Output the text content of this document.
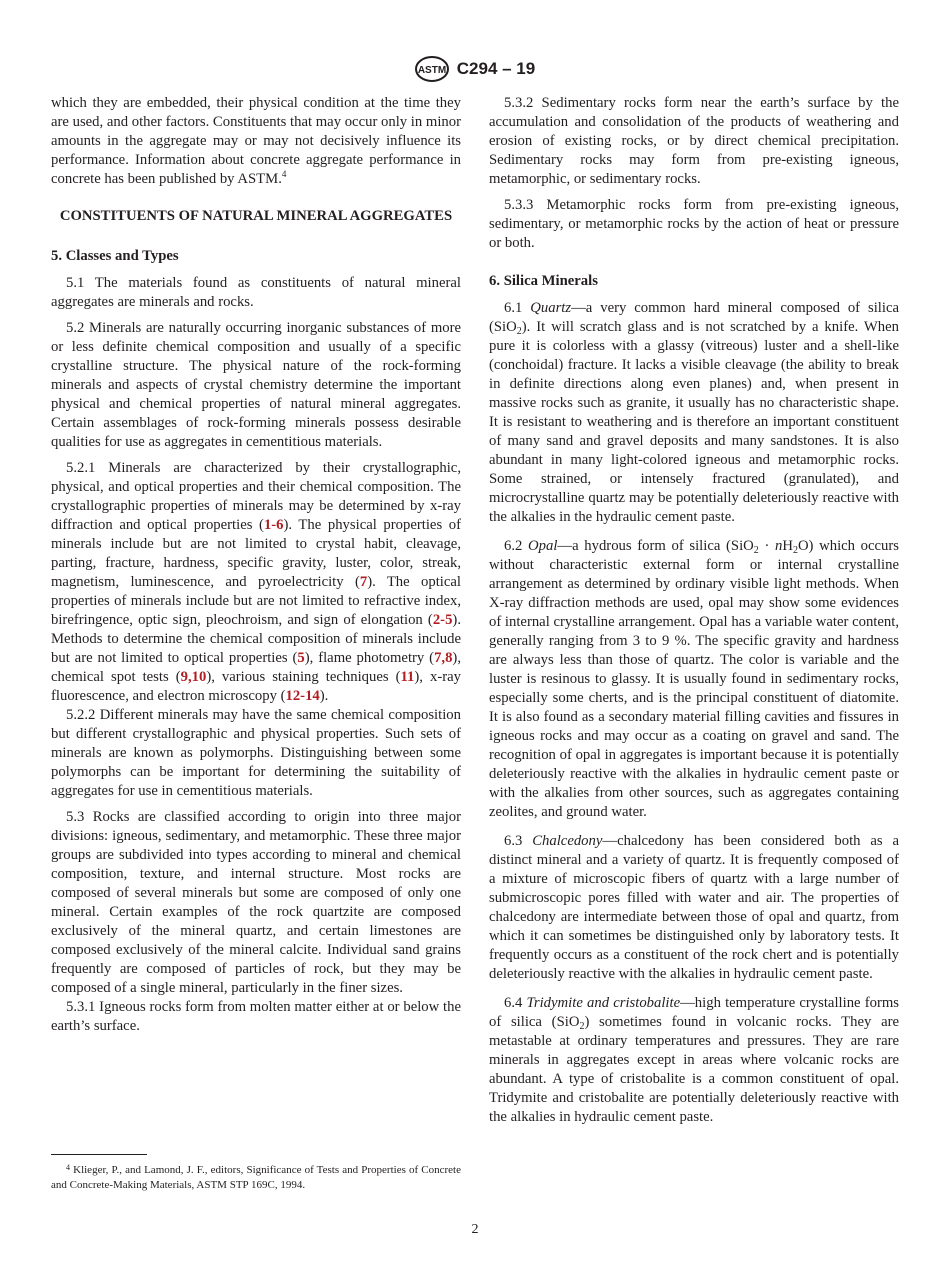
ASTM C294 – 19

which they are embedded, their physical condition at the time they are used, and other factors. Constituents that may occur only in minor amounts in the aggregate may or may not decisively influence its performance. Information about concrete aggregate performance in concrete has been published by ASTM.$^4$

CONSTITUENTS OF NATURAL MINERAL AGGREGATES
5. Classes and Types

5.1 The materials found as constituents of natural mineral aggregates are minerals and rocks.

5.2 Minerals are naturally occurring inorganic substances of more or less definite chemical composition and usually of a specific crystalline structure. The physical nature of the rock-forming minerals and aspects of crystal chemistry determine the important physical and chemical properties of natural mineral aggregates. Certain assemblages of rock-forming minerals possess desirable qualities for use as aggregates in cementitious materials.

5.2.1 Minerals are characterized by their crystallographic, physical, and optical properties and their chemical composition. The crystallographic properties of minerals may be determined by x-ray diffraction and optical properties (1-6). The physical properties of minerals include but are not limited to crystal habit, cleavage, parting, fracture, hardness, specific gravity, luster, color, streak, magnetism, luminescence, and pyroelectricity (7). The optical properties of minerals include but are not limited to refractive index, birefringence, optic sign, pleochroism, and sign of elongation (2-5). Methods to determine the chemical composition of minerals include but are not limited to optical properties (5), flame photometry (7,8), chemical spot tests (9,10), various staining techniques (11), x-ray fluorescence, and electron microscopy (12-14).

5.2.2 Different minerals may have the same chemical composition but different crystallographic and physical properties. Such sets of minerals are known as polymorphs. Distinguishing between some polymorphs can be important for determining the suitability of aggregates for use in cementitious materials.

5.3 Rocks are classified according to origin into three major divisions: igneous, sedimentary, and metamorphic. These three major groups are subdivided into types according to mineral and chemical composition, texture, and internal structure. Most rocks are composed of several minerals but some are composed of only one mineral. Certain examples of the rock quartzite are composed exclusively of the mineral quartz, and certain limestones are composed exclusively of the mineral calcite. Individual sand grains frequently are composed of particles of rock, but they may be composed of a single mineral, particularly in the finer sizes.

5.3.1 Igneous rocks form from molten matter either at or below the earth’s surface.

$^4$ Klieger, P., and Lamond, J. F., editors, Significance of Tests and Properties of Concrete and Concrete-Making Materials, ASTM STP 169C, 1994.

5.3.2 Sedimentary rocks form near the earth’s surface by the accumulation and consolidation of the products of weathering and erosion of existing rocks, or by direct chemical precipitation. Sedimentary rocks may form from pre-existing igneous, metamorphic, or sedimentary rocks.

5.3.3 Metamorphic rocks form from pre-existing igneous, sedimentary, or metamorphic rocks by the action of heat or pressure or both.

6. Silica Minerals

6.1 Quartz—a very common hard mineral composed of silica (SiO$_2$). It will scratch glass and is not scratched by a knife. When pure it is colorless with a glassy (vitreous) luster and a shell-like (conchoidal) fracture. It lacks a visible cleavage (the ability to break in definite directions along even planes) and, when present in massive rocks such as granite, it usually has no characteristic shape. It is resistant to weathering and is therefore an important constituent of many sand and gravel deposits and many sandstones. It is also abundant in many light-colored igneous and metamorphic rocks. Some strained, or intensely fractured (granulated), and microcrystalline quartz may be potentially deleteriously reactive with the alkalies in the hydraulic cement paste.

6.2 Opal—a hydrous form of silica $(SiO_2 \cdot nH_2O)$ which occurs without characteristic external form or internal crystalline arrangement as determined by ordinary visible light methods. When X-ray diffraction methods are used, opal may show some evidences of internal crystalline arrangement. Opal has a variable water content, generally ranging from 3 to 9 %. The specific gravity and hardness are always less than those of quartz. The color is variable and the luster is resinous to glassy. It is usually found in sedimentary rocks, especially some cherts, and is the principal constituent of diatomite. It is also found as a secondary material filling cavities and fissures in igneous rocks and may occur as a coating on gravel and sand. The recognition of opal in aggregates is important because it is potentially deleteriously reactive with the alkalies in hydraulic cement paste or with the alkalies from other sources, such as aggregates containing zeolites, and ground water.

6.3 Chalcedony—chalcedony has been considered both as a distinct mineral and a variety of quartz. It is frequently composed of a mixture of microscopic fibers of quartz with a large number of submicroscopic pores filled with water and air. The properties of chalcedony are intermediate between those of opal and quartz, from which it can sometimes be distinguished only by laboratory tests. It frequently occurs as a constituent of the rock chert and is potentially deleteriously reactive with the alkalies in hydraulic cement paste.

6.4 Tridymite and cristobalite—high temperature crystalline forms of silica (SiO$_2$) sometimes found in volcanic rocks. They are metastable at ordinary temperatures and pressures. They are rare minerals in aggregates except in areas where volcanic rocks are abundant. A type of cristobalite is a common constituent of opal. Tridymite and cristobalite are potentially deleteriously reactive with the alkalies in hydraulic cement paste.

2
